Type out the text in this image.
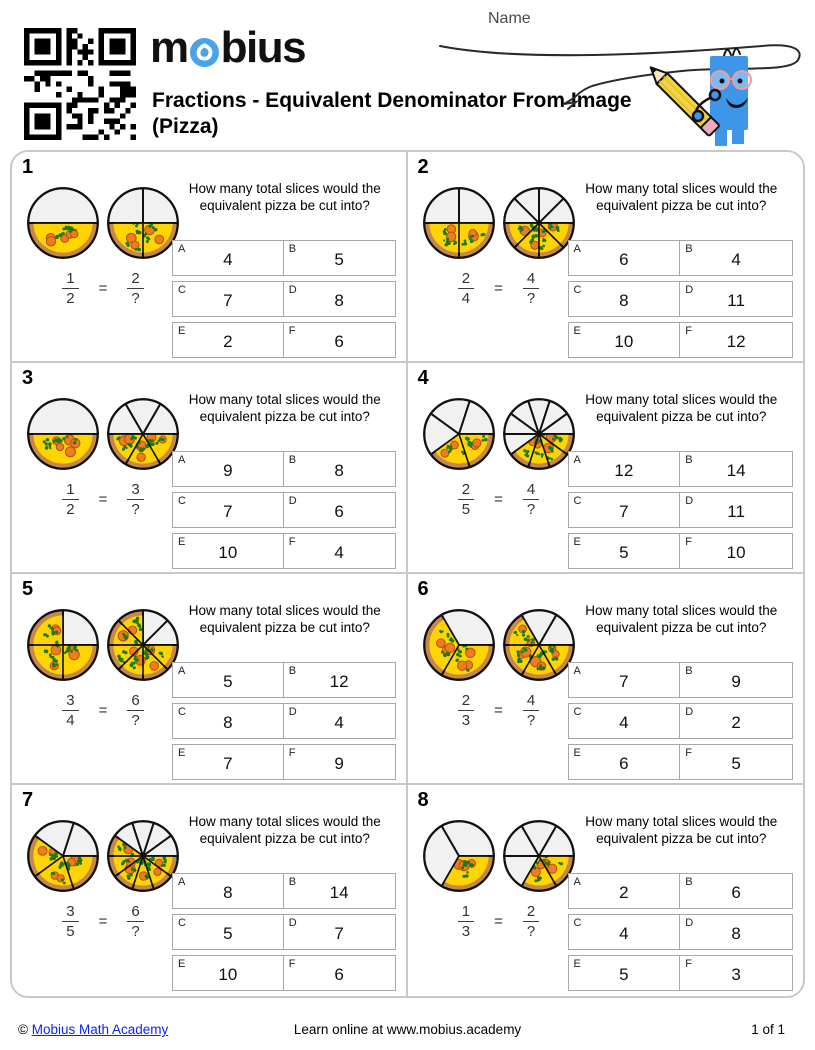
m bius
Fractions - Equivalent Denominator From Image (Pizza)
Name
1
$\frac{1}{2} = \frac{2}{?}$
How many total slices would the equivalent pizza be cut into?
A
4
B
5
C
7
D
8
E
2
F
6
2
$\frac{2}{4} = \frac{4}{?}$
How many total slices would the equivalent pizza be cut into?
A
6
B
4
C
8
D
11
E
10
F
12
3
$\frac{1}{2} = \frac{3}{?}$
How many total slices would the equivalent pizza be cut into?
A
9
B
8
C
7
D
6
E
10
F
4
4
$\frac{2}{5} = \frac{4}{?}$
How many total slices would the equivalent pizza be cut into?
A
12
B
14
C
7
D
11
E
5
F
10
5
$\frac{3}{4} = \frac{6}{?}$
How many total slices would the equivalent pizza be cut into?
A
5
B
12
C
8
D
4
E
7
F
9
6
$\frac{2}{3} = \frac{4}{?}$
How many total slices would the equivalent pizza be cut into?
A
7
B
9
C
4
D
2
E
6
F
5
7
$\frac{3}{5} = \frac{6}{?}$
How many total slices would the equivalent pizza be cut into?
A
8
B
14
C
5
D
7
E
10
F
6
8
$\frac{1}{3} = \frac{2}{?}$
How many total slices would the equivalent pizza be cut into?
A
2
B
6
C
4
D
8
E
5
F
3
© Mobius Math Academy	Learn online at www.mobius.academy	1 of 1
